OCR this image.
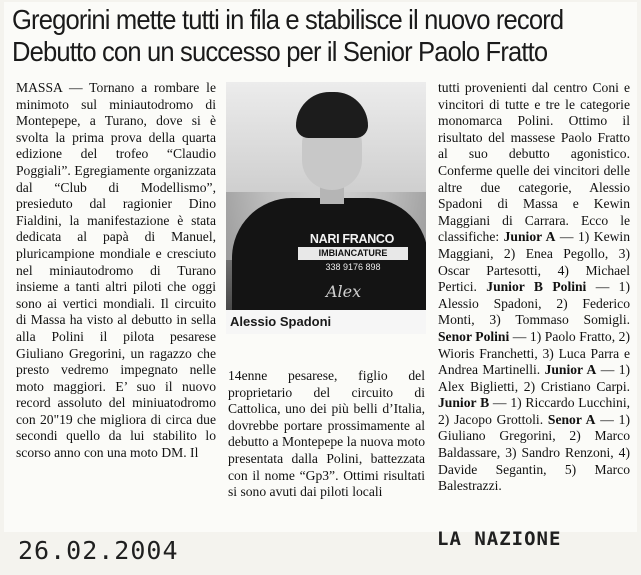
Gregorini mette tutti in fila e stabilisce il nuovo record
Debutto con un successo per il Senior Paolo Fratto

MASSA — Tornano a rombare le minimoto sul miniautodromo di Montepepe, a Turano, dove si è svolta la prima prova della quarta edizione del trofeo “Claudio Poggiali”. Egregiamente organizzata dal “Club di Modellismo”, presieduto dal ragionier Dino Fialdini, la manifestazione è stata dedicata al papà di Manuel, pluricampione mondiale e cresciuto nel miniautodromo di Turano insieme a tanti altri piloti che oggi sono ai vertici mondiali. Il circuito di Massa ha visto al debutto in sella alla Polini il pilota pesarese Giuliano Gregorini, un ragazzo che presto vedremo impegnato nelle moto maggiori. E’ suo il nuovo record assoluto del miniuatodromo con 20"19 che migliora di circa due secondi quello da lui stabilito lo scorso anno con una moto DM. Il

NARI FRANCO
IMBIANCATURE
338 9176 898
Alex
Alessio Spadoni

14enne pesarese, figlio del proprietario del circuito di Cattolica, uno dei più belli d’Italia, dovrebbe portare prossimamente al debutto a Montepepe la nuova moto presentata dalla Polini, battezzata con il nome “Gp3”. Ottimi risultati si sono avuti dai piloti locali

tutti provenienti dal centro Coni e vincitori di tutte e tre le categorie monomarca Polini. Ottimo il risultato del massese Paolo Fratto al suo debutto agonistico. Conferme quelle dei vincitori delle altre due categorie, Alessio Spadoni di Massa e Kewin Maggiani di Carrara. Ecco le classifiche: Junior A — 1) Kewin Maggiani, 2) Enea Pegollo, 3) Oscar Partesotti, 4) Michael Pertici. Junior B Polini — 1) Alessio Spadoni, 2) Federico Monti, 3) Tommaso Somigli. Senor Polini — 1) Paolo Fratto, 2) Wioris Franchetti, 3) Luca Parra e Andrea Martinelli. Junior A — 1) Alex Biglietti, 2) Cristiano Carpi. Junior B — 1) Riccardo Lucchini, 2) Jacopo Grottoli. Senor A — 1) Giuliano Gregorini, 2) Marco Baldassare, 3) Sandro Renzoni, 4) Davide Segantin, 5) Marco Balestrazzi.

26.02.2004	LA NAZIONE
